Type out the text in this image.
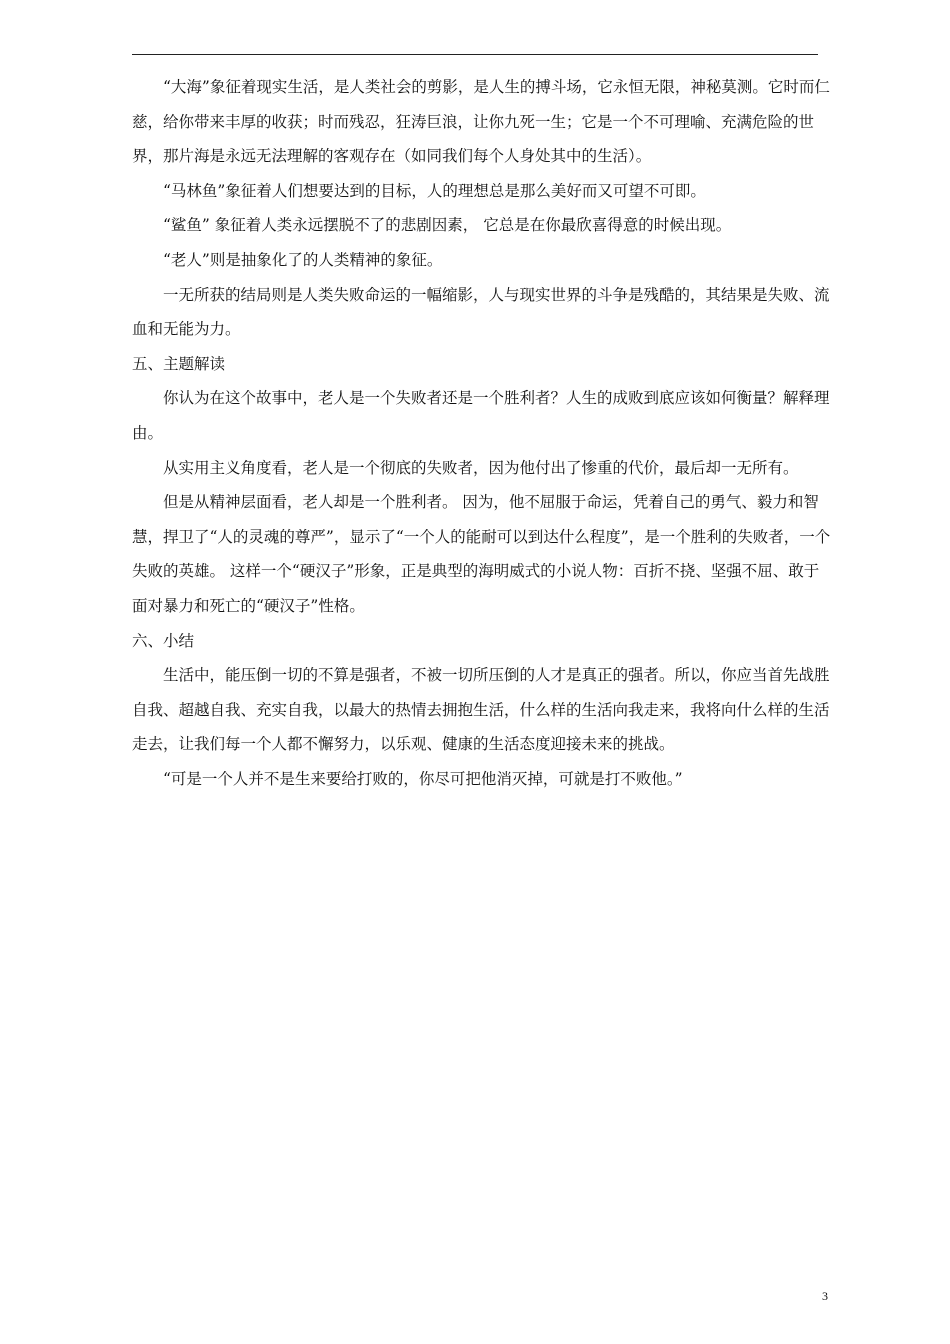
“大海”象征着现实生活，是人类社会的剪影，是人生的搏斗场，它永恒无限，神秘莫测。它时而仁慈，给你带来丰厚的收获；时而残忍，狂涛巨浪，让你九死一生；它是一个不可理喻、充满危险的世界，那片海是永远无法理解的客观存在（如同我们每个人身处其中的生活）。

“马林鱼”象征着人们想要达到的目标，人的理想总是那么美好而又可望不可即。

“鲨鱼” 象征着人类永远摆脱不了的悲剧因素， 它总是在你最欣喜得意的时候出现。

“老人”则是抽象化了的人类精神的象征。

一无所获的结局则是人类失败命运的一幅缩影，人与现实世界的斗争是残酷的，其结果是失败、流血和无能为力。

五、主题解读

你认为在这个故事中，老人是一个失败者还是一个胜利者？人生的成败到底应该如何衡量？解释理由。

从实用主义角度看，老人是一个彻底的失败者，因为他付出了惨重的代价，最后却一无所有。

但是从精神层面看，老人却是一个胜利者。 因为，他不屈服于命运，凭着自己的勇气、毅力和智慧，捍卫了“人的灵魂的尊严”，显示了“一个人的能耐可以到达什么程度”，是一个胜利的失败者，一个失败的英雄。 这样一个“硬汉子”形象，正是典型的海明威式的小说人物：百折不挠、坚强不屈、敢于面对暴力和死亡的“硬汉子”性格。

六、小结

生活中，能压倒一切的不算是强者，不被一切所压倒的人才是真正的强者。所以，你应当首先战胜自我、超越自我、充实自我，以最大的热情去拥抱生活，什么样的生活向我走来，我将向什么样的生活走去，让我们每一个人都不懈努力，以乐观、健康的生活态度迎接未来的挑战。

“可是一个人并不是生来要给打败的，你尽可把他消灭掉，可就是打不败他。”

3
